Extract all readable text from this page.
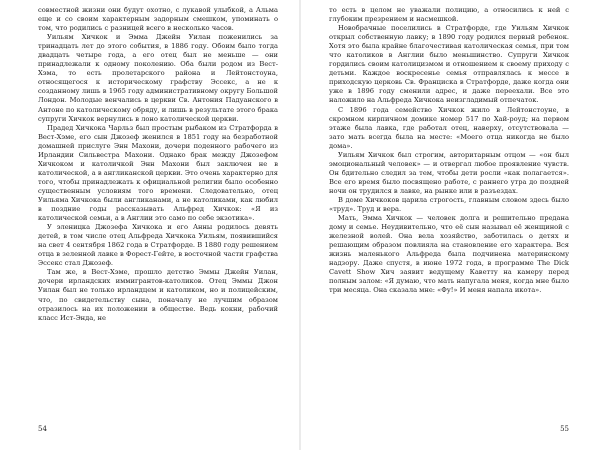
совместной жизни они будут охотно, с лукавой улыбкой, а Альма еще и со своим характерным задорным смешком, упоминать о том, что родились с разницей всего в несколько часов.

Уильям Хичкок и Эмма Джейн Уилан поженились за тринадцать лет до этого события, в 1886 году. Обоим было тогда двадцать четыре года, а его отец был не меньше — они принадлежали к одному поколению. Оба были родом из Вест-Хэма, то есть пролетарского района и Лейтонстоуна, относящегося к историческому графству Эссекс, а не к созданному лишь в 1965 году административному округу Большой Лондон. Молодые венчались в церкви Св. Антония Падуанского в Антоне по католическому обряду, и лишь в результате этого брака супруги Хичкок вернулись в лоно католической церкви.

Прадед Хичкока Чарльз был простым рыбаком из Стратфорда в Вест-Хэме, его сын Джозеф женился в 1851 году на безработной домашней прислуге Энн Махони, дочери поденного рабочего из Ирландии Сильвестра Махони. Однако брак между Джозефом Хичкоком и католичкой Энн Махони был заключен не в католической, а в англиканской церкви. Это очень характерно для того, чтобы принадлежать к официальной религии было особенно существенным условиям того времени. Следовательно, отец Уильяма Хичкока были англиканами, а не католиками, как любил в поздние годы рассказывать Альфред Хичкок: «Я из католической семьи, а в Англии это само по себе экзотика».

У эленицка Джозефа Хичкока и его Анны родилось девять детей, в том числе отец Альфреда Хичкока Уильям, появившийся на свет 4 сентября 1862 года в Стратфорде. В 1880 году решением отца в зеленной лавке в Форест-Гейте, в восточной части графства Эссекс стал Джозеф.

Там же, в Вест-Хэме, прошло детство Эммы Джейн Уилан, дочери ирландских иммигрантов-католиков. Отец Эммы Джон Уилан был не только ирландцем и католиком, но и полицейским, что, по свидетельству сына, поначалу не лучшим образом отразилось на их положении в обществе. Ведь кокни, рабочий класс Ист-Энда, не

54

то есть в целом не уважали полицию, а относились к ней с глубоким презрением и насмешкой.

Новобрачные поселились в Стратфорде, где Уильям Хичкок открыл собственную лавку; в 1890 году родился первый ребенок. Хотя это была крайне благочестивая католическая семья, при том что католиков в Англии было меньшинство. Супруги Хичкок гордились своим католицизмом и отношением к своему приходу с детьми. Каждое воскресенье семья отправлялась к мессе в приходскую церковь Св. Франциска в Стратфорде, даже когда они уже в 1896 году сменили адрес, и даже переехали. Все это наложило на Альфреда Хичкока неизгладимый отпечаток.

С 1896 года семейство Хичкок жило в Лейтонстоуне, в скромном кирпичном домике номер 517 по Хай-роуд; на первом этаже была лавка, где работал отец, наверху, отсутствовала — зато мать всегда была на месте: «Моего отца никогда не было дома».

Уильям Хичкок был строгим, авторитарным отцом — «он был эмоциональный человек» — и отвергал любое проявление чувств. Он бдительно следил за тем, чтобы дети росли «как полагается». Все его время было посвящено работе, с раннего утра до поздней ночи он трудился в лавке, на рынке или в разъездах.

В доме Хичкоков царила строгость, главным словом здесь было «труд». Труд и вера.

Мать, Эмма Хичкок — человек долга и решительно предана дому и семье. Неудивительно, что её сын называл её женщиной с железной волей. Она вела хозяйство, заботилась о детях и решающим образом повлияла на становление его характера. Вся жизнь маленького Альфреда была подчинена материнскому надзору. Даже спустя, в июне 1972 года, в программе The Dick Cavett Show Хич заявит ведущему Каветту на камеру перед полным залом: «Я думаю, что мать напугала меня, когда мне было три месяца. Она сказала мне: «Фу!» И меня напала икота».

55
